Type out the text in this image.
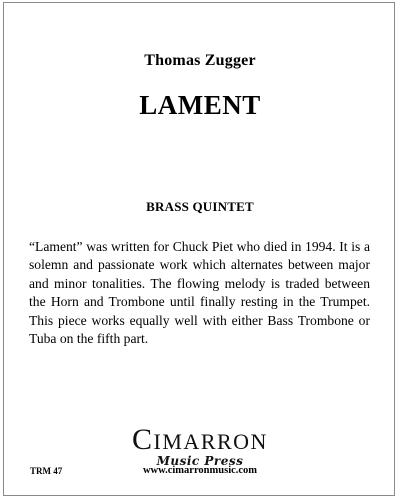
Thomas Zugger
LAMENT
BRASS QUINTET

“Lament” was written for Chuck Piet who died in 1994. It is a solemn and passionate work which alternates between major and minor tonalities. The flowing melody is traded between the Horn and Trombone until finally resting in the Trumpet. This piece works equally well with either Bass Trombone or Tuba on the fifth part.

CIMARRON
Music Press
www.cimarronmusic.com
TRM 47
